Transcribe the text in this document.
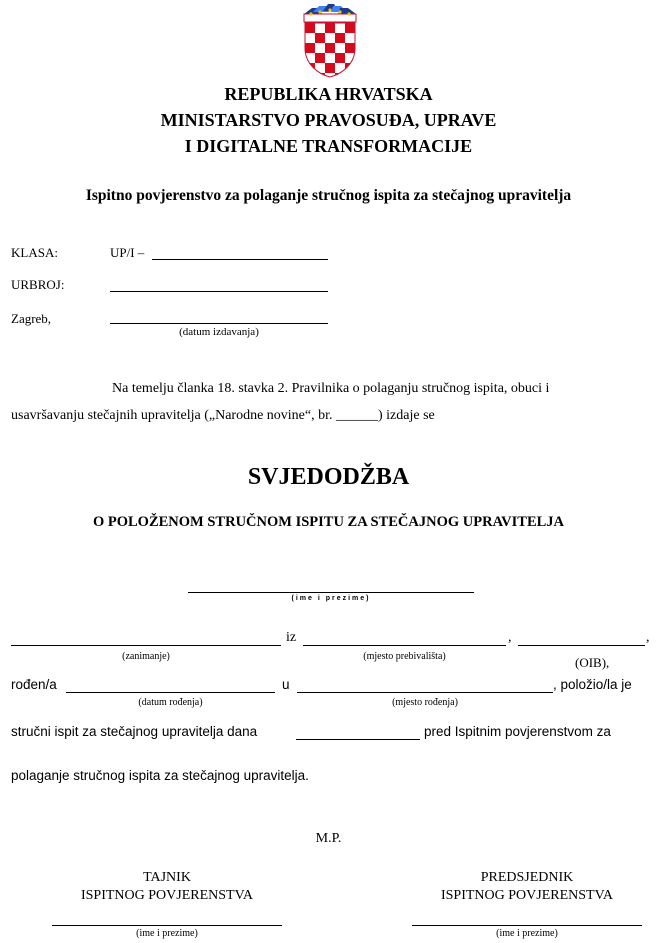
REPUBLIKA HRVATSKA
MINISTARSTVO PRAVOSUĐA, UPRAVE
I DIGITALNE TRANSFORMACIJE
Ispitno povjerenstvo za polaganje stručnog ispita za stečajnog upravitelja
KLASA:	UP/I –
URBROJ:
Zagreb,
(datum izdavanja)
Na temelju članka 18. stavka 2. Pravilnika o polaganju stručnog ispita, obuci i
usavršavanju stečajnih upravitelja („Narodne novine“, br. ______) izdaje se
SVJEDODŽBA
O POLOŽENOM STRUČNOM ISPITU ZA STEČAJNOG UPRAVITELJA
(ime i prezime)
iz	,	,
(zanimanje)	(mjesto prebivališta)	(OIB),
rođen/a	u	, položio/la je
(datum rođenja)	(mjesto rođenja)
stručni ispit za stečajnog upravitelja dana	pred Ispitnim povjerenstvom za
polaganje stručnog ispita za stečajnog upravitelja.
M.P.
TAJNIK
ISPITNOG POVJERENSTVA
(ime i prezime)
PREDSJEDNIK
ISPITNOG POVJERENSTVA
(ime i prezime)
